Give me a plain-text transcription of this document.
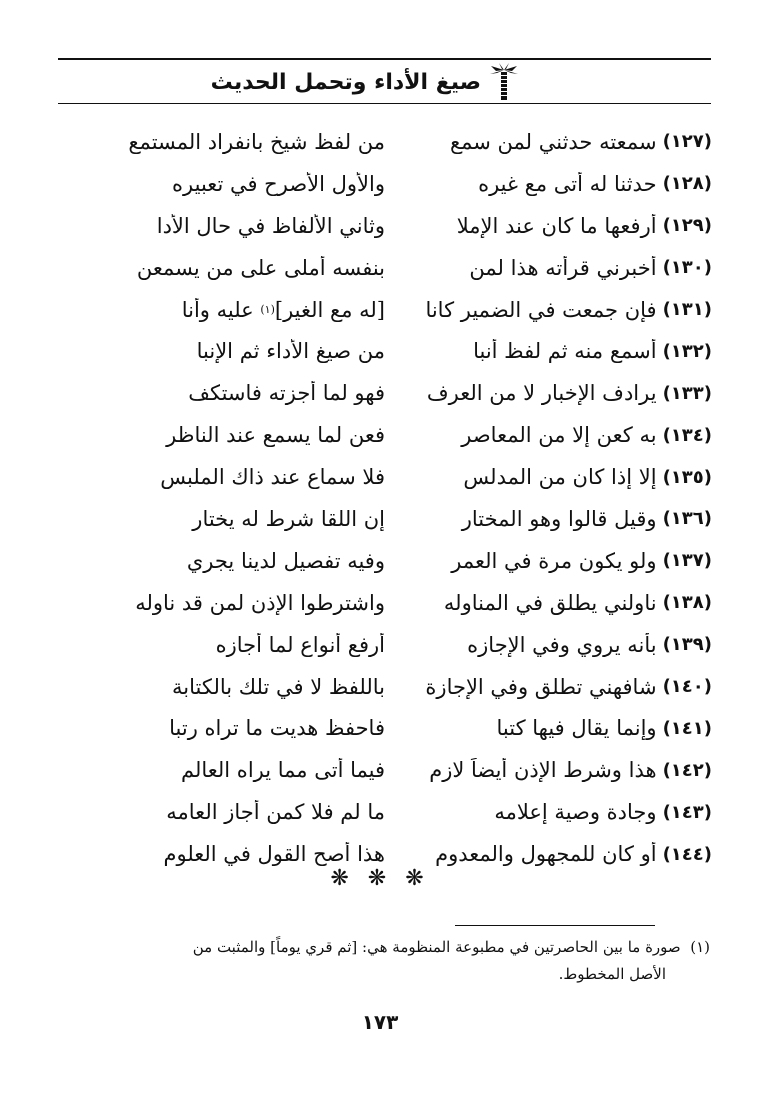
صيغ الأداء وتحمل الحديث
(١٢٧)
سمعته حدثني لمن سمع
من لفظ شيخ بانفراد المستمع
(١٢٨)
حدثنا له أتى مع غيره
والأول الأصرح في تعبيره
(١٢٩)
أرفعها ما كان عند الإملا
وثاني الألفاظ في حال الأدا
(١٣٠)
أخبرني قرأته هذا لمن
بنفسه أملى على من يسمعن
(١٣١)
فإن جمعت في الضمير كانا
[له مع الغير]
(١)

عليه وأنا
(١٣٢)
أسمع منه ثم لفظ أنبا
من صيغ الأداء ثم الإنبا
(١٣٣)
يرادف الإخبار لا من العرف
فهو لما أجزته فاستكف
(١٣٤)
به كعن إلا من المعاصر
فعن لما يسمع عند الناظر
(١٣٥)
إلا إذا كان من المدلس
فلا سماع عند ذاك الملبس
(١٣٦)
وقيل قالوا وهو المختار
إن اللقا شرط له يختار
(١٣٧)
ولو يكون مرة في العمر
وفيه تفصيل لدينا يجري
(١٣٨)
ناولني يطلق في المناوله
واشترطوا الإذن لمن قد ناوله
(١٣٩)
بأنه يروي وفي الإجازه
أرفع أنواع لما أجازه
(١٤٠)
شافهني تطلق وفي الإجازة
باللفظ لا في تلك بالكتابة
(١٤١)
وإنما يقال فيها كتبا
فاحفظ هديت ما تراه رتبا
(١٤٢)
هذا وشرط الإذن أيضاً لازم
فيما أتى مما يراه العالم
(١٤٣)
وجادة وصية إعلامه
ما لم فلا كمن أجاز العامه
(١٤٤)
أو كان للمجهول والمعدوم
هذا أصح القول في العلوم
❋ ❋ ❋
(١)  صورة ما بين الحاصرتين في مطبوعة المنظومة هي: [ثم قري يوماً] والمثبت من
الأصل المخطوط.
١٧٣
